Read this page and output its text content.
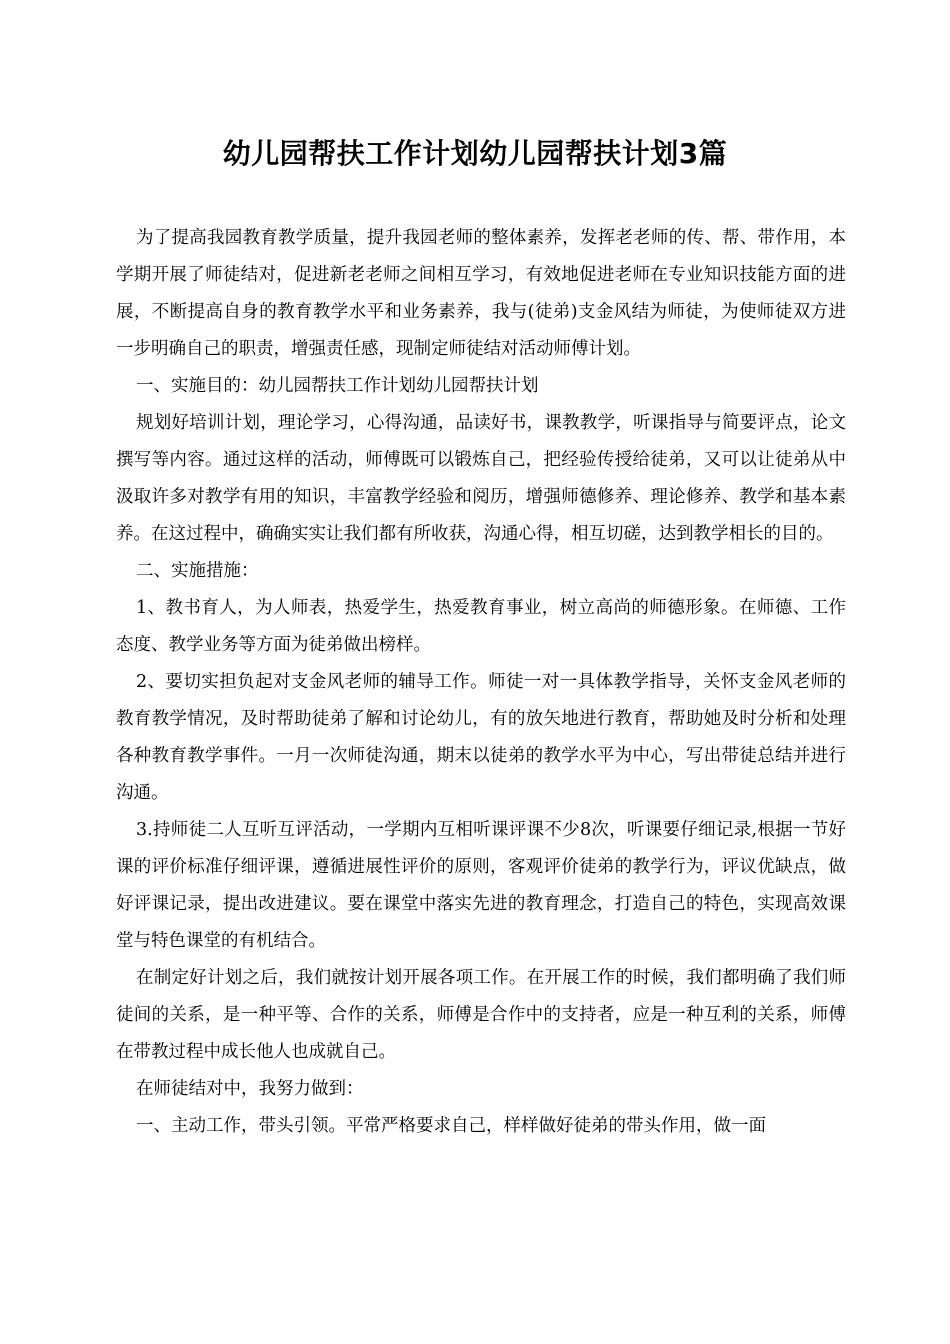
幼儿园帮扶工作计划幼儿园帮扶计划3篇

为了提高我园教育教学质量，提升我园老师的整体素养，发挥老老师的传、帮、带作用，本学期开展了师徒结对，促进新老老师之间相互学习，有效地促进老师在专业知识技能方面的进展，不断提高自身的教育教学水平和业务素养，我与(徒弟)支金风结为师徒，为使师徒双方进一步明确自己的职责，增强责任感，现制定师徒结对活动师傅计划。

一、实施目的：幼儿园帮扶工作计划幼儿园帮扶计划

规划好培训计划，理论学习，心得沟通，品读好书，课教教学，听课指导与简要评点，论文撰写等内容。通过这样的活动，师傅既可以锻炼自己，把经验传授给徒弟，又可以让徒弟从中汲取许多对教学有用的知识，丰富教学经验和阅历，增强师德修养、理论修养、教学和基本素养。在这过程中，确确实实让我们都有所收获，沟通心得，相互切磋，达到教学相长的目的。

二、实施措施：

1、教书育人，为人师表，热爱学生，热爱教育事业，树立高尚的师德形象。在师德、工作态度、教学业务等方面为徒弟做出榜样。

2、要切实担负起对支金风老师的辅导工作。师徒一对一具体教学指导，关怀支金风老师的教育教学情况，及时帮助徒弟了解和讨论幼儿，有的放矢地进行教育，帮助她及时分析和处理各种教育教学事件。一月一次师徒沟通，期末以徒弟的教学水平为中心，写出带徒总结并进行沟通。

3.持师徒二人互听互评活动，一学期内互相听课评课不少8次，听课要仔细记录,根据一节好课的评价标准仔细评课，遵循进展性评价的原则，客观评价徒弟的教学行为，评议优缺点，做好评课记录，提出改进建议。要在课堂中落实先进的教育理念，打造自己的特色，实现高效课堂与特色课堂的有机结合。

在制定好计划之后，我们就按计划开展各项工作。在开展工作的时候，我们都明确了我们师徒间的关系，是一种平等、合作的关系，师傅是合作中的支持者，应是一种互利的关系，师傅在带教过程中成长他人也成就自己。

在师徒结对中，我努力做到：

一、主动工作，带头引领。平常严格要求自己，样样做好徒弟的带头作用，做一面
